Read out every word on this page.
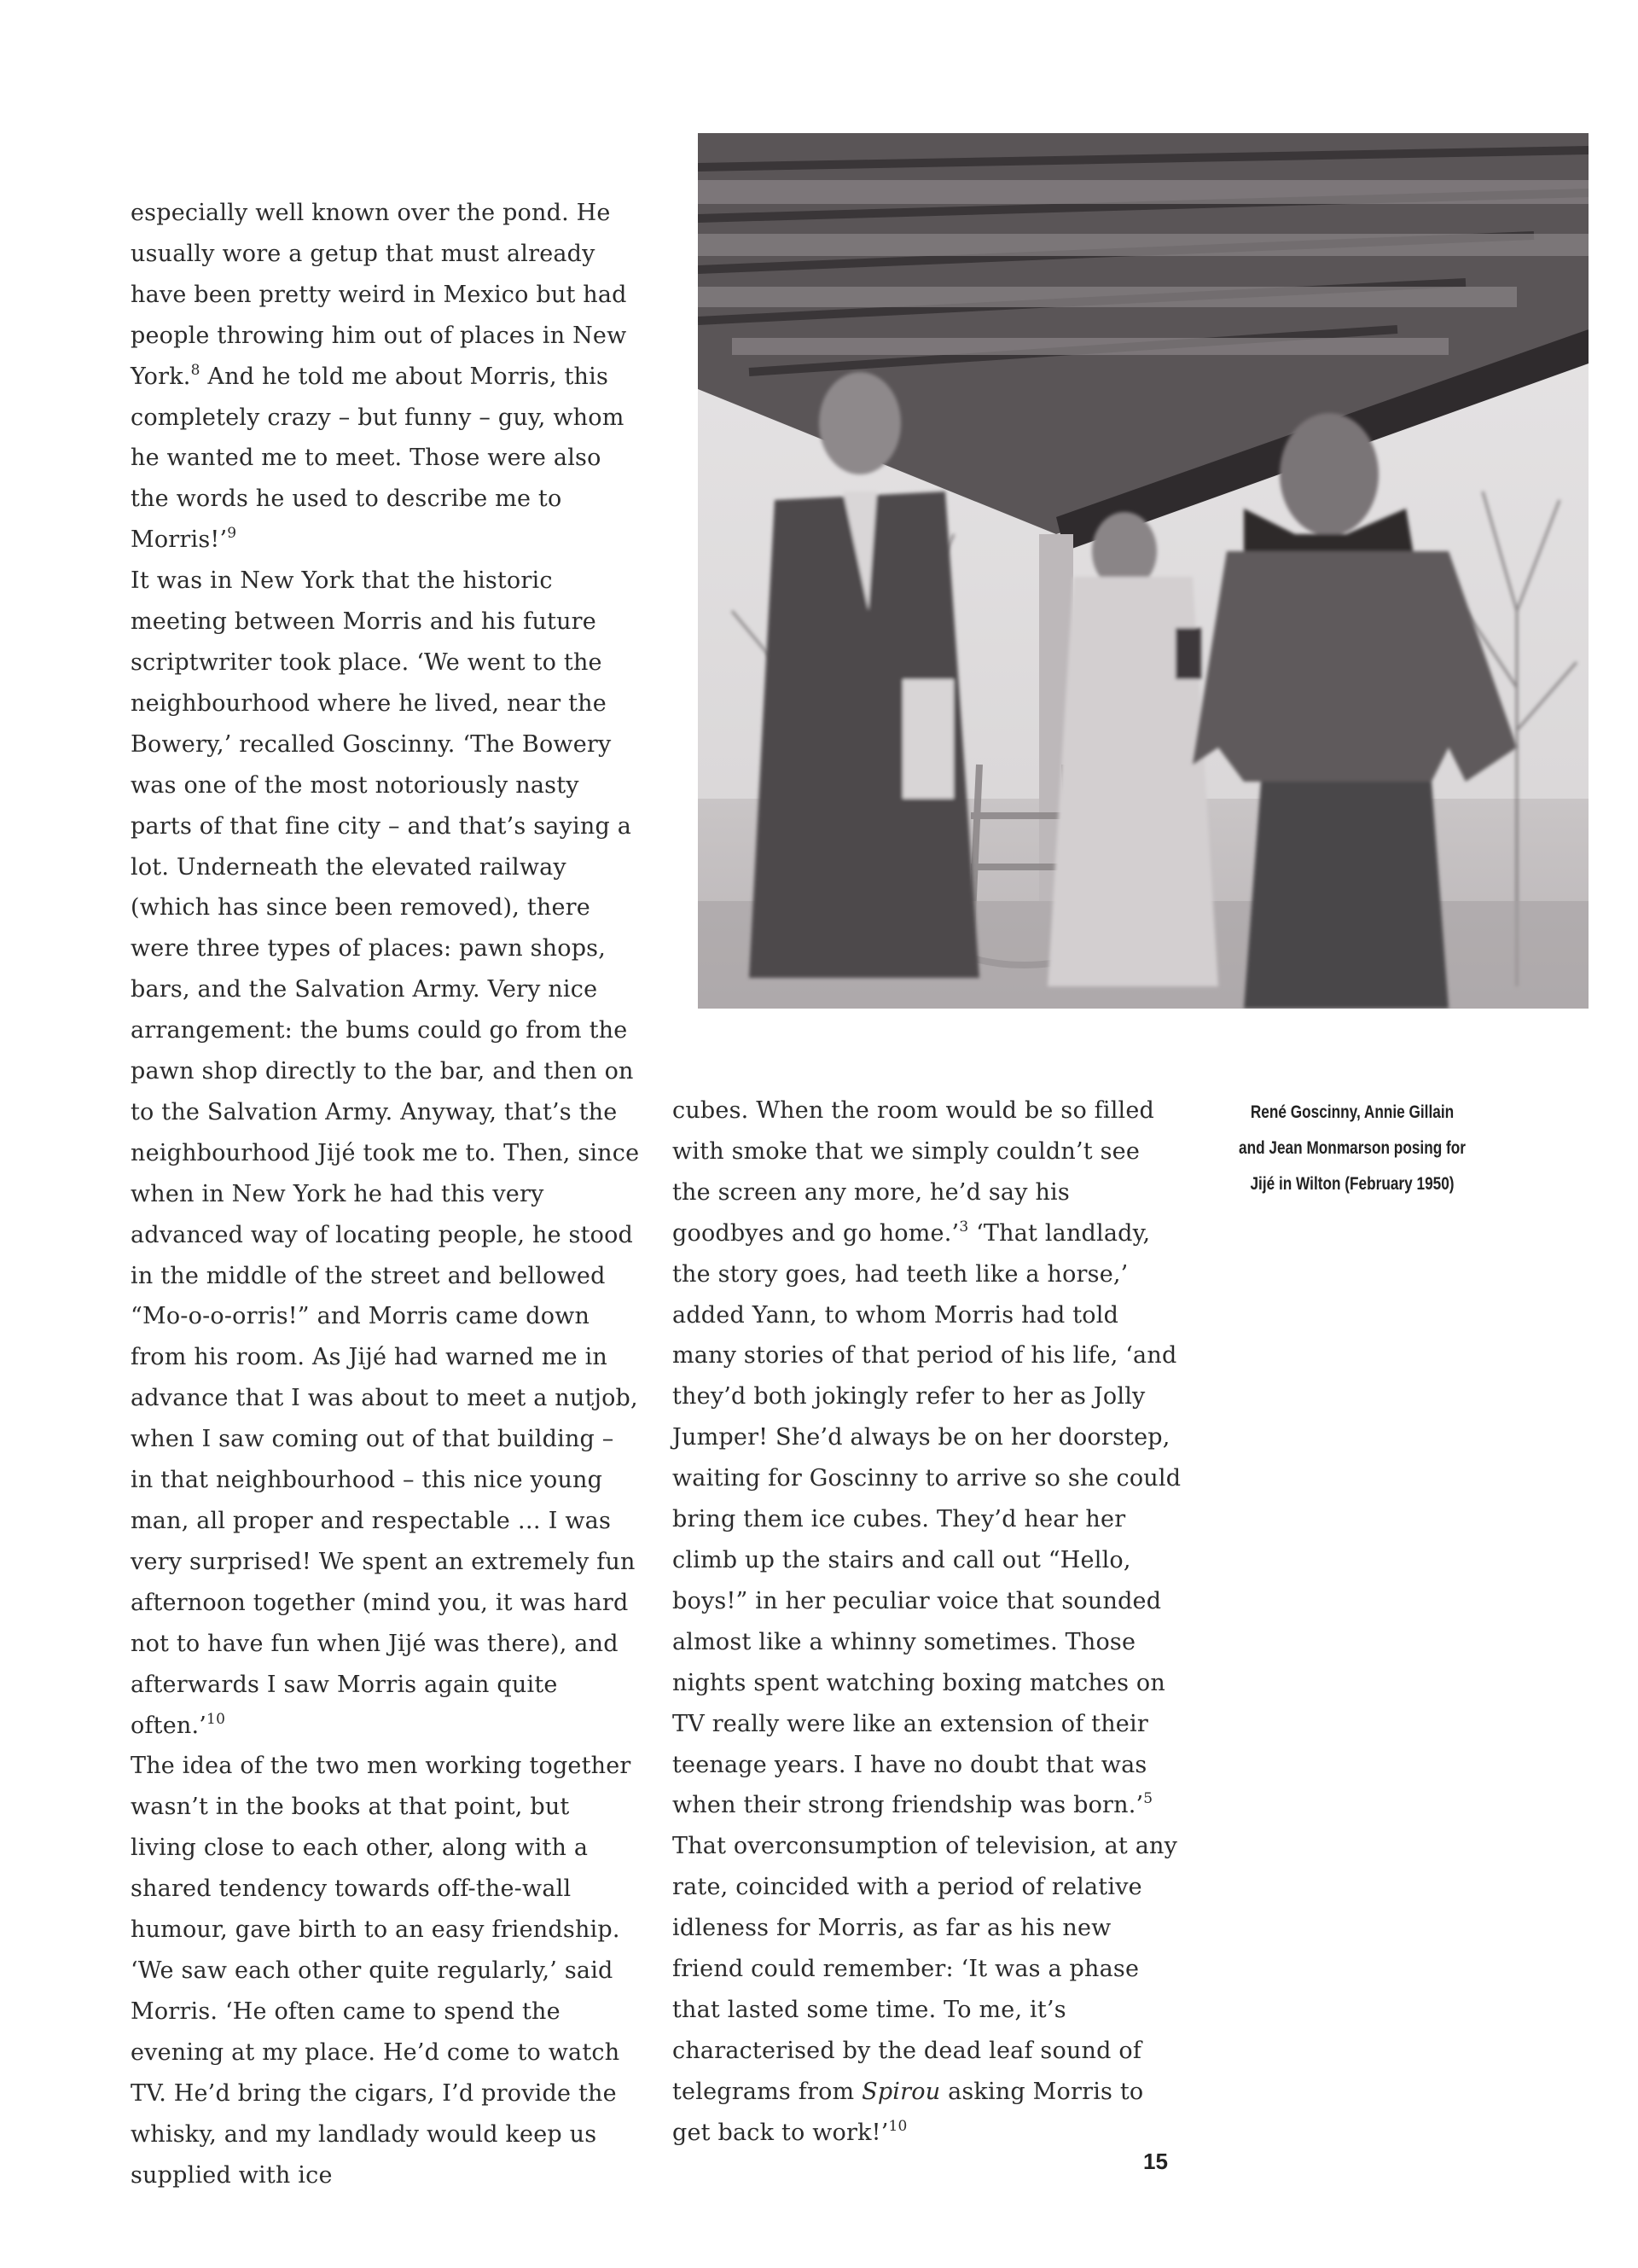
especially well known over the pond. He usually wore a getup that must already have been pretty weird in Mexico but had people throwing him out of places in New York.$^8$ And he told me about Morris, this completely crazy – but funny – guy, whom he wanted me to meet. Those were also the words he used to describe me to Morris!’$^9$

It was in New York that the historic meeting between Morris and his future scriptwriter took place. ‘We went to the neighbourhood where he lived, near the Bowery,’ recalled Goscinny. ‘The Bowery was one of the most notoriously nasty parts of that fine city – and that’s saying a lot. Underneath the elevated railway (which has since been removed), there were three types of places: pawn shops, bars, and the Salvation Army. Very nice arrangement: the bums could go from the pawn shop directly to the bar, and then on to the Salvation Army. Anyway, that’s the neighbourhood Jijé took me to. Then, since when in New York he had this very advanced way of locating people, he stood in the middle of the street and bellowed “Mo-o-o-orris!” and Morris came down from his room. As Jijé had warned me in advance that I was about to meet a nutjob, when I saw coming out of that building – in that neighbourhood – this nice young man, all proper and respectable … I was very surprised! We spent an extremely fun afternoon together (mind you, it was hard not to have fun when Jijé was there), and afterwards I saw Morris again quite often.’$^{10}$

The idea of the two men working together wasn’t in the books at that point, but living close to each other, along with a shared tendency towards off-the-wall humour, gave birth to an easy friendship. ‘We saw each other quite regularly,’ said Morris. ‘He often came to spend the evening at my place. He’d come to watch TV. He’d bring the cigars, I’d provide the whisky, and my landlady would keep us supplied with ice

cubes. When the room would be so filled with smoke that we simply couldn’t see the screen any more, he’d say his goodbyes and go home.’$^3$ ‘That landlady, the story goes, had teeth like a horse,’ added Yann, to whom Morris had told many stories of that period of his life, ‘and they’d both jokingly refer to her as Jolly Jumper! She’d always be on her doorstep, waiting for Goscinny to arrive so she could bring them ice cubes. They’d hear her climb up the stairs and call out “Hello, boys!” in her peculiar voice that sounded almost like a whinny sometimes. Those nights spent watching boxing matches on TV really were like an extension of their teenage years. I have no doubt that was when their strong friendship was born.’$^5$

That overconsumption of television, at any rate, coincided with a period of relative idleness for Morris, as far as his new friend could remember: ‘It was a phase that lasted some time. To me, it’s characterised by the dead leaf sound of telegrams from Spirou asking Morris to get back to work!’$^{10}$

René Goscinny, Annie Gillain

and Jean Monmarson posing for

Jijé in Wilton (February 1950)

15
